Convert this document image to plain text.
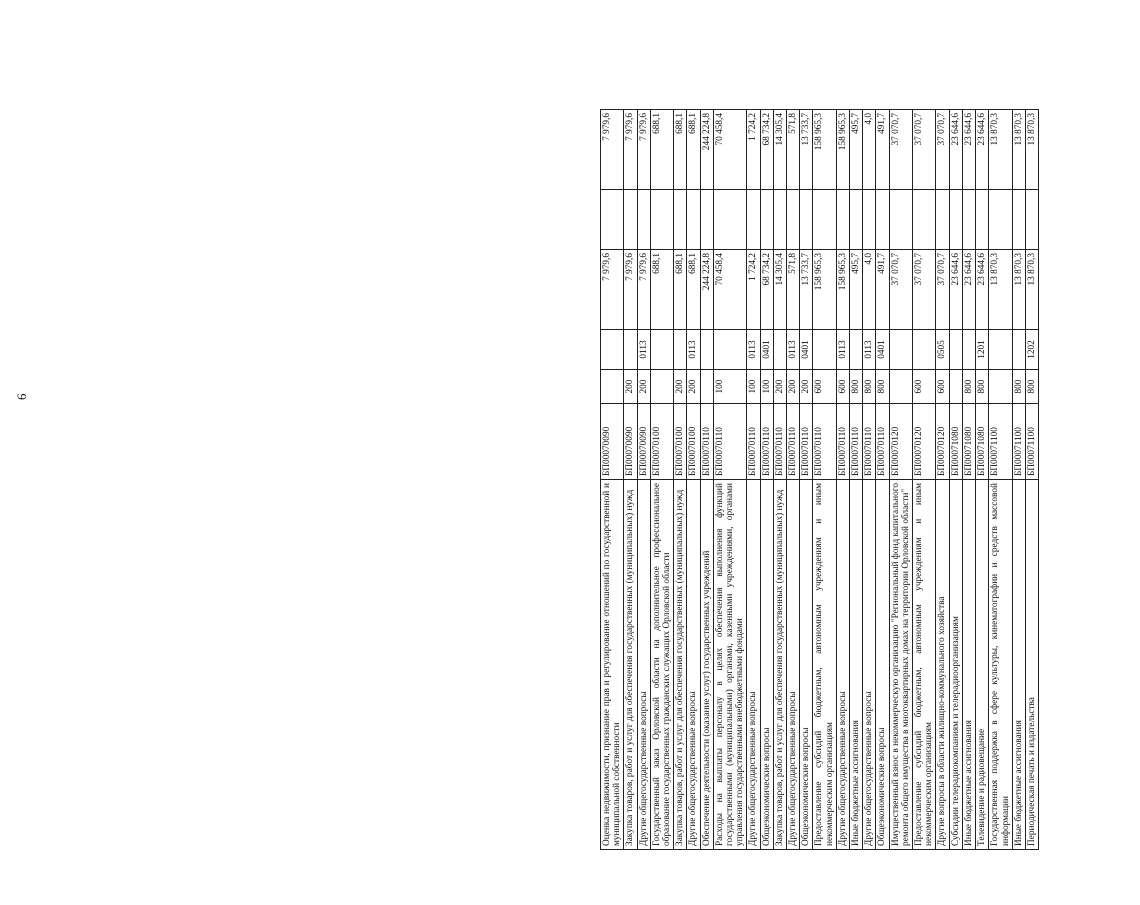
6
Оценка недвижимости, признание прав и регулирование отношений по государственной и муниципальной собственности	БП00070090			7 979,6		7 979,6
Закупка товаров, работ и услуг для обеспечения государственных (муниципальных) нужд	БП00070090	200		7 979,6		7 979,6
Другие общегосударственные вопросы	БП00070090	200	0113	7 979,6		7 979,6
Государственный заказ Орловской области на дополнительное профессиональное образование государственных гражданских служащих Орловской области	БП00070100			688,1		688,1
Закупка товаров, работ и услуг для обеспечения государственных (муниципальных) нужд	БП00070100	200		688,1		688,1
Другие общегосударственные вопросы	БП00070100	200	0113	688,1		688,1
Обеспечение деятельности (оказание услуг) государственных учреждений	БП00070110			244 224,8		244 224,8
Расходы на выплаты персоналу в целях обеспечения выполнения функций государственными (муниципальными) органами, казенными учреждениями, органами управления государственными внебюджетными фондами	БП00070110	100		70 458,4		70 458,4
Другие общегосударственные вопросы	БП00070110	100	0113	1 724,2		1 724,2
Общеэкономические вопросы	БП00070110	100	0401	68 734,2		68 734,2
Закупка товаров, работ и услуг для обеспечения государственных (муниципальных) нужд	БП00070110	200		14 305,4		14 305,4
Другие общегосударственные вопросы	БП00070110	200	0113	571,8		571,8
Общеэкономические вопросы	БП00070110	200	0401	13 733,7		13 733,7
Предоставление субсидий бюджетным, автономным учреждениям и иным некоммерческим организациям	БП00070110	600		158 965,3		158 965,3
Другие общегосударственные вопросы	БП00070110	600	0113	158 965,3		158 965,3
Иные бюджетные ассигнования	БП00070110	800		495,7		495,7
Другие общегосударственные вопросы	БП00070110	800	0113	4,0		4,0
Общеэкономические вопросы	БП00070110	800	0401	491,7		491,7
Имущественный взнос в некоммерческую организацию "Региональный фонд капитального ремонта общего имущества в многоквартирных домах на территории Орловской области"	БП00070120			37 070,7		37 070,7
Предоставление субсидий бюджетным, автономным учреждениям и иным некоммерческим организациям	БП00070120	600		37 070,7		37 070,7
Другие вопросы в области жилищно-коммунального хозяйства	БП00070120	600	0505	37 070,7		37 070,7
Субсидии телерадиокомпаниям и телерадиоорганизациям	БП00071080			23 644,6		23 644,6
Иные бюджетные ассигнования	БП00071080	800		23 644,6		23 644,6
Телевидение и радиовещание	БП00071080	800	1201	23 644,6		23 644,6
Государственная поддержка в сфере культуры, кинематографии и средств массовой информации	БП00071100			13 870,3		13 870,3
Иные бюджетные ассигнования	БП00071100	800		13 870,3		13 870,3
Периодическая печать и издательства	БП00071100	800	1202	13 870,3		13 870,3
